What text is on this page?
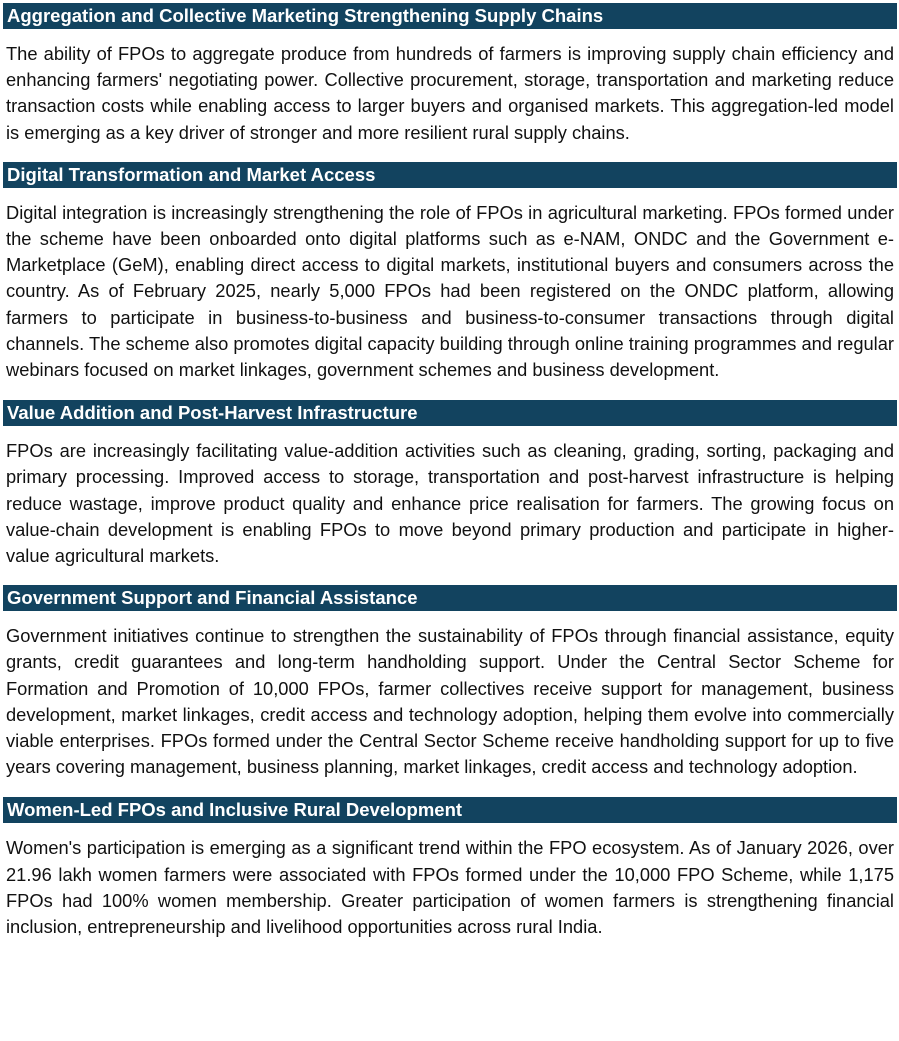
Aggregation and Collective Marketing Strengthening Supply Chains

The ability of FPOs to aggregate produce from hundreds of farmers is improving supply chain efficiency and enhancing farmers' negotiating power. Collective procurement, storage, transportation and marketing reduce transaction costs while enabling access to larger buyers and organised markets. This aggregation-led model is emerging as a key driver of stronger and more resilient rural supply chains.

Digital Transformation and Market Access

Digital integration is increasingly strengthening the role of FPOs in agricultural marketing. FPOs formed under the scheme have been onboarded onto digital platforms such as e-NAM, ONDC and the Government e-Marketplace (GeM), enabling direct access to digital markets, institutional buyers and consumers across the country. As of February 2025, nearly 5,000 FPOs had been registered on the ONDC platform, allowing farmers to participate in business-to-business and business-to-consumer transactions through digital channels. The scheme also promotes digital capacity building through online training programmes and regular webinars focused on market linkages, government schemes and business development.

Value Addition and Post-Harvest Infrastructure

FPOs are increasingly facilitating value-addition activities such as cleaning, grading, sorting, packaging and primary processing. Improved access to storage, transportation and post-harvest infrastructure is helping reduce wastage, improve product quality and enhance price realisation for farmers. The growing focus on value-chain development is enabling FPOs to move beyond primary production and participate in higher-value agricultural markets.

Government Support and Financial Assistance

Government initiatives continue to strengthen the sustainability of FPOs through financial assistance, equity grants, credit guarantees and long-term handholding support. Under the Central Sector Scheme for Formation and Promotion of 10,000 FPOs, farmer collectives receive support for management, business development, market linkages, credit access and technology adoption, helping them evolve into commercially viable enterprises. FPOs formed under the Central Sector Scheme receive handholding support for up to five years covering management, business planning, market linkages, credit access and technology adoption.

Women-Led FPOs and Inclusive Rural Development

Women's participation is emerging as a significant trend within the FPO ecosystem. As of January 2026, over 21.96 lakh women farmers were associated with FPOs formed under the 10,000 FPO Scheme, while 1,175 FPOs had 100% women membership. Greater participation of women farmers is strengthening financial inclusion, entrepreneurship and livelihood opportunities across rural India.
